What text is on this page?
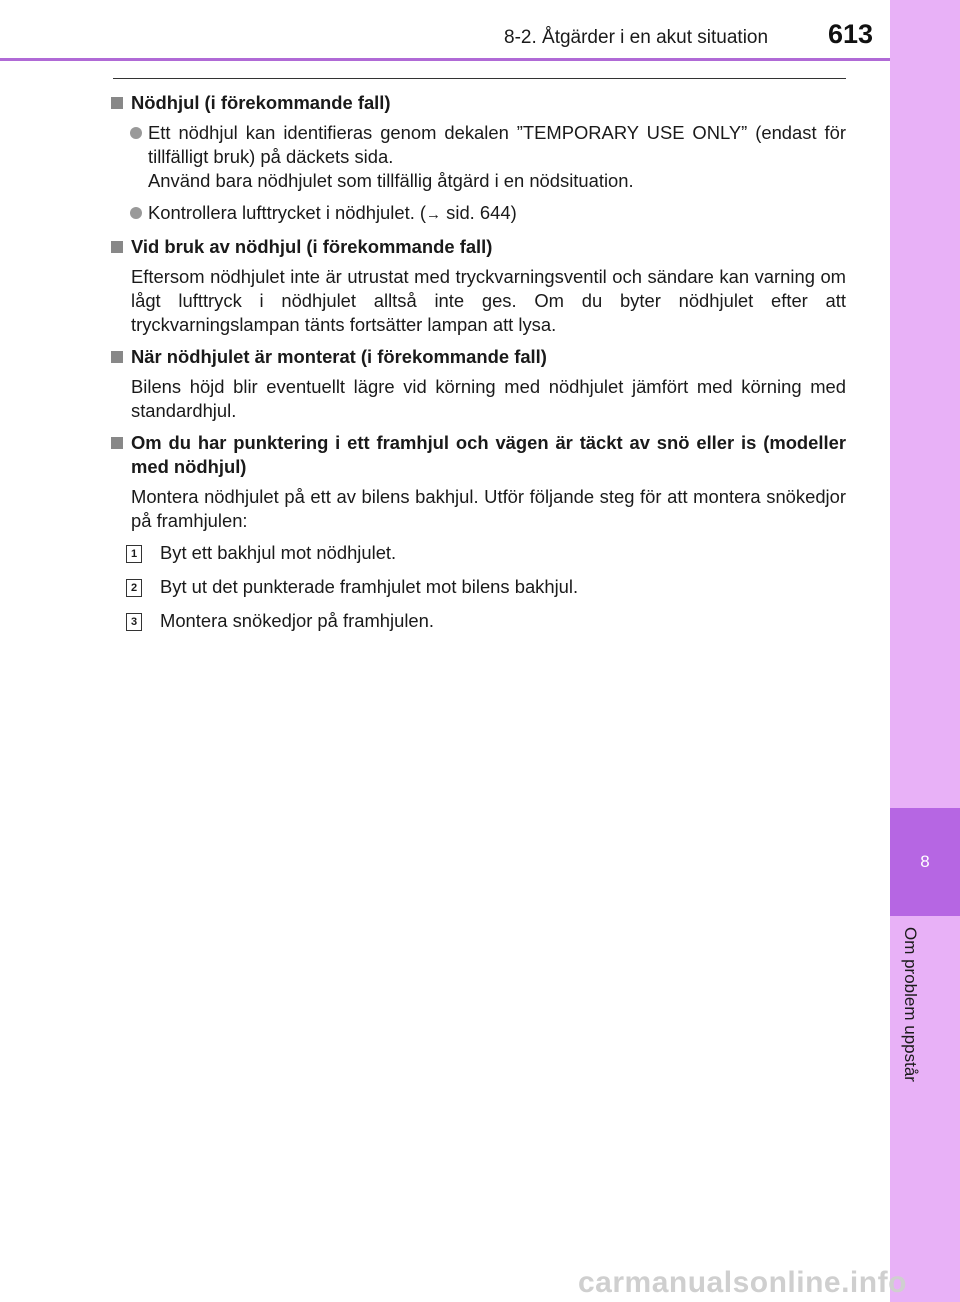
8
Om problem uppstår
8-2. Åtgärder i en akut situation 613
Nödhjul (i förekommande fall)
Ett nödhjul kan identifieras genom dekalen ”TEMPORARY USE ONLY” (endast för tillfälligt bruk) på däckets sida.
Använd bara nödhjulet som tillfällig åtgärd i en nödsituation.
Kontrollera lufttrycket i nödhjulet. (→ sid. 644)
Vid bruk av nödhjul (i förekommande fall)
Eftersom nödhjulet inte är utrustat med tryckvarningsventil och sändare kan varning om lågt lufttryck i nödhjulet alltså inte ges. Om du byter nödhjulet efter att tryckvarningslampan tänts fortsätter lampan att lysa.
När nödhjulet är monterat (i förekommande fall)
Bilens höjd blir eventuellt lägre vid körning med nödhjulet jämfört med körning med standardhjul.
Om du har punktering i ett framhjul och vägen är täckt av snö eller is (modeller med nödhjul)
Montera nödhjulet på ett av bilens bakhjul. Utför följande steg för att montera snökedjor på framhjulen:
1 Byt ett bakhjul mot nödhjulet.
2 Byt ut det punkterade framhjulet mot bilens bakhjul.
3 Montera snökedjor på framhjulen.
carmanualsonline.info
